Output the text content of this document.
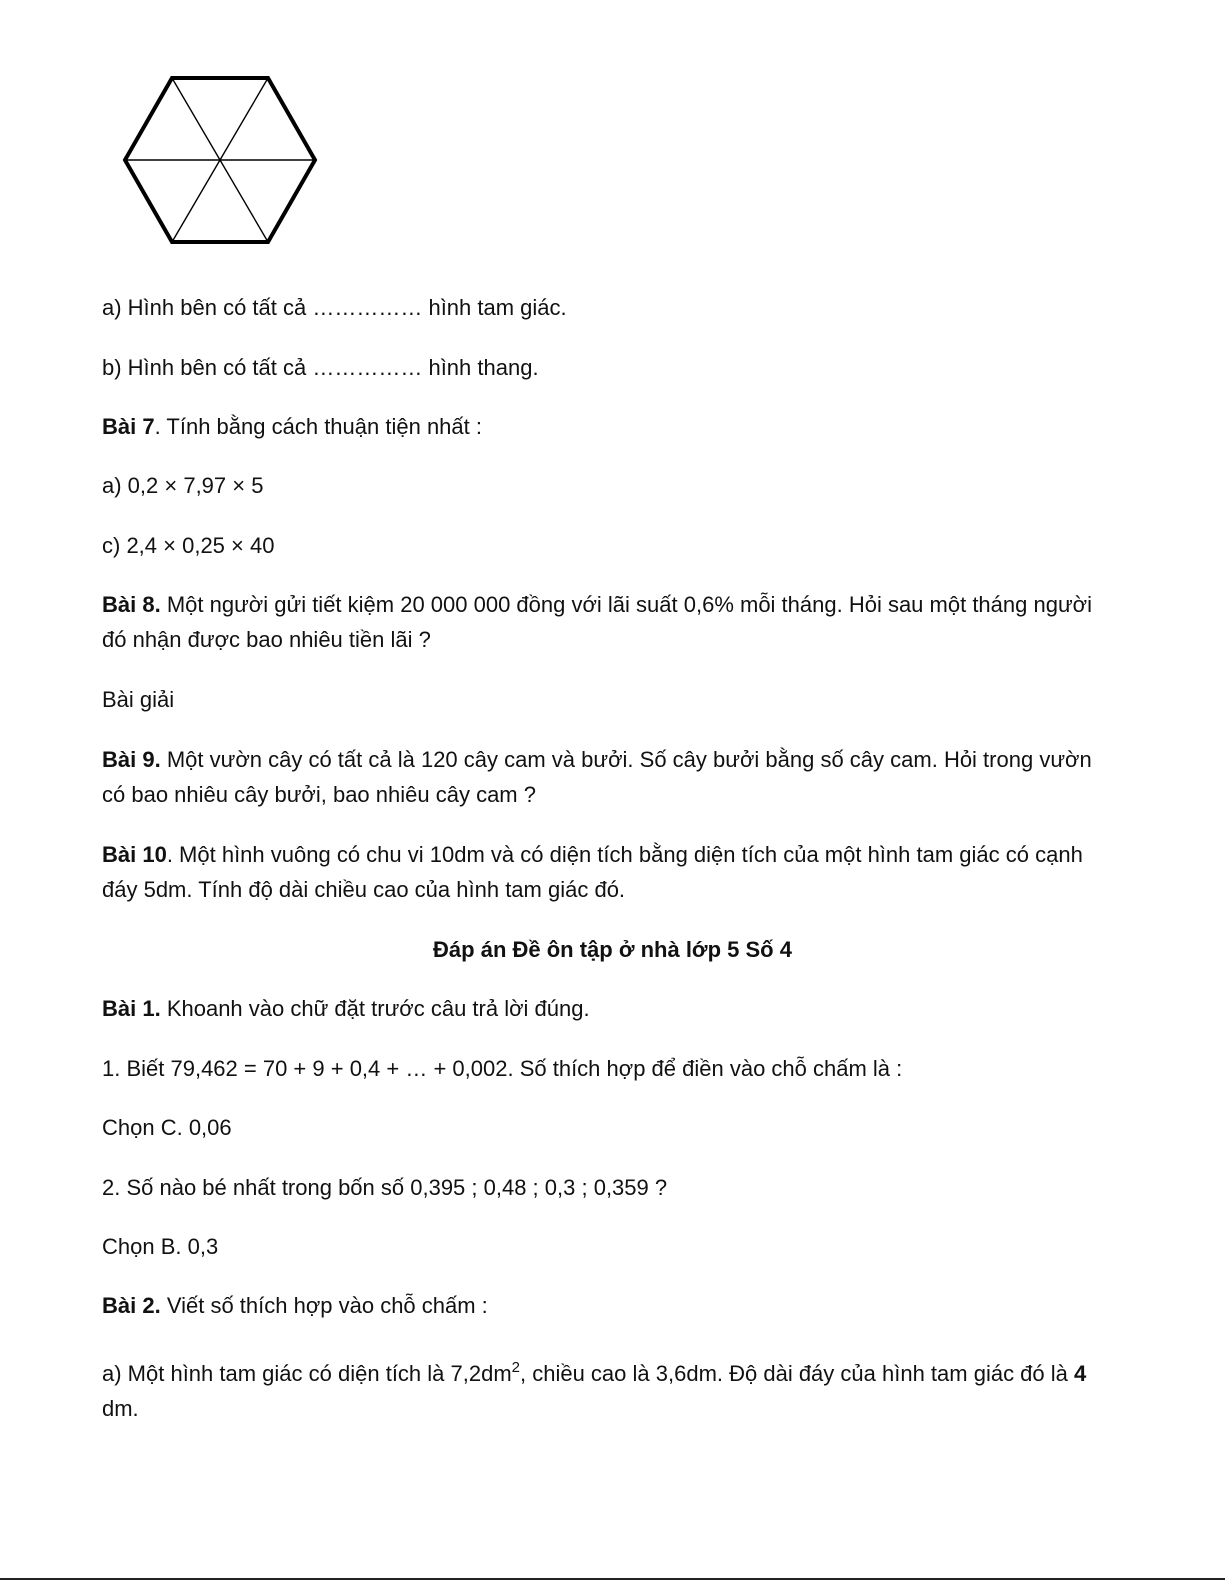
a) Hình bên có tất cả …………… hình tam giác.

b) Hình bên có tất cả …………… hình thang.

Bài 7. Tính bằng cách thuận tiện nhất :

a) 0,2 × 7,97 × 5

c) 2,4 × 0,25 × 40

Bài 8. Một người gửi tiết kiệm 20 000 000 đồng với lãi suất 0,6% mỗi tháng. Hỏi sau một tháng người đó nhận được bao nhiêu tiền lãi ?

Bài giải

Bài 9. Một vườn cây có tất cả là 120 cây cam và bưởi. Số cây bưởi bằng số cây cam. Hỏi trong vườn có bao nhiêu cây bưởi, bao nhiêu cây cam ?

Bài 10. Một hình vuông có chu vi 10dm và có diện tích bằng diện tích của một hình tam giác có cạnh đáy 5dm. Tính độ dài chiều cao của hình tam giác đó.

Đáp án Đề ôn tập ở nhà lớp 5 Số 4

Bài 1. Khoanh vào chữ đặt trước câu trả lời đúng.

1. Biết 79,462 = 70 + 9 + 0,4 + … + 0,002. Số thích hợp để điền vào chỗ chấm là :

Chọn C. 0,06

2. Số nào bé nhất trong bốn số 0,395 ; 0,48 ; 0,3 ; 0,359 ?

Chọn B. 0,3

Bài 2. Viết số thích hợp vào chỗ chấm :

a) Một hình tam giác có diện tích là $7,2dm^2$, chiều cao là 3,6dm. Độ dài đáy của hình tam giác đó là 4 dm.
